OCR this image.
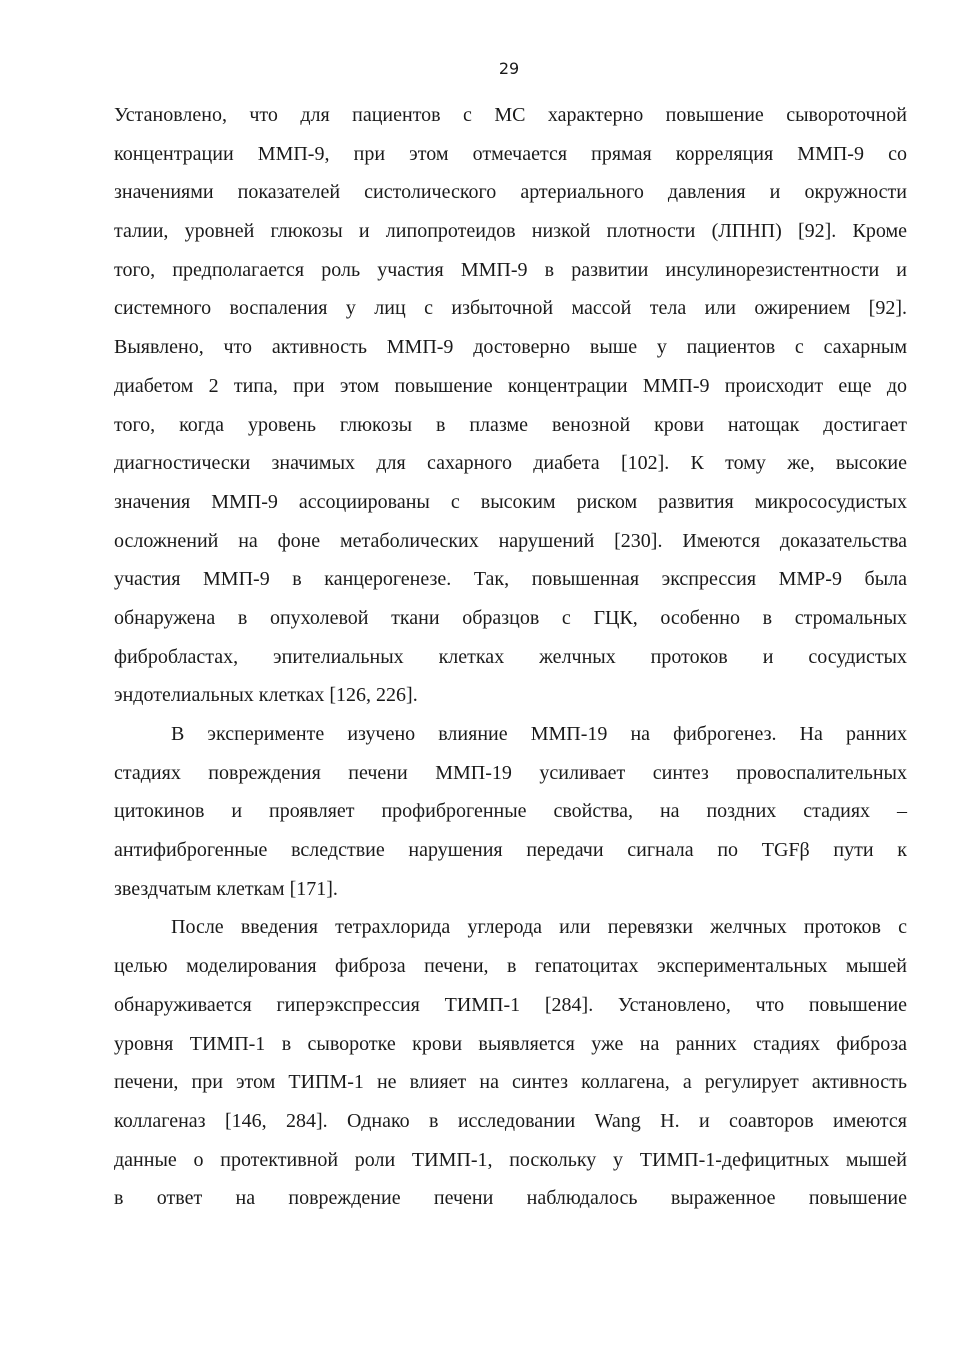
29
Установлено, что для пациентов с МС характерно повышение сывороточной
концентрации ММП-9, при этом отмечается прямая корреляция ММП-9 со
значениями показателей систолического артериального давления и окружности
талии, уровней глюкозы и липопротеидов низкой плотности (ЛПНП) [92]. Кроме
того, предполагается роль участия ММП-9 в развитии инсулинорезистентности и
системного воспаления у лиц с избыточной массой тела или ожирением [92].
Выявлено, что активность ММП-9 достоверно выше у пациентов с сахарным
диабетом 2 типа, при этом повышение концентрации ММП-9 происходит еще до
того, когда уровень глюкозы в плазме венозной крови натощак достигает
диагностически значимых для сахарного диабета [102]. К тому же, высокие
значения ММП-9 ассоциированы с высоким риском развития микрососудистых
осложнений на фоне метаболических нарушений [230]. Имеются доказательства
участия ММП-9 в канцерогенезе. Так, повышенная экспрессия ММР-9 была
обнаружена в опухолевой ткани образцов с ГЦК, особенно в стромальных
фибробластах, эпителиальных клетках желчных протоков и сосудистых
эндотелиальных клетках [126, 226].
В эксперименте изучено влияние ММП-19 на фиброгенез. На ранних
стадиях повреждения печени ММП-19 усиливает синтез провоспалительных
цитокинов и проявляет профиброгенные свойства, на поздних стадиях –
антифиброгенные вследствие нарушения передачи сигнала по TGFβ пути к
звездчатым клеткам [171].
После введения тетрахлорида углерода или перевязки желчных протоков с
целью моделирования фиброза печени, в гепатоцитах экспериментальных мышей
обнаруживается гиперэкспрессия ТИМП-1 [284]. Установлено, что повышение
уровня ТИМП-1 в сыворотке крови выявляется уже на ранних стадиях фиброза
печени, при этом ТИПМ-1 не влияет на синтез коллагена, а регулирует активность
коллагеназ [146, 284]. Однако в исследовании Wang H. и соавторов имеются
данные о протективной роли ТИМП-1, поскольку у ТИМП-1-дефицитных мышей
в ответ на повреждение печени наблюдалось выраженное повышение
